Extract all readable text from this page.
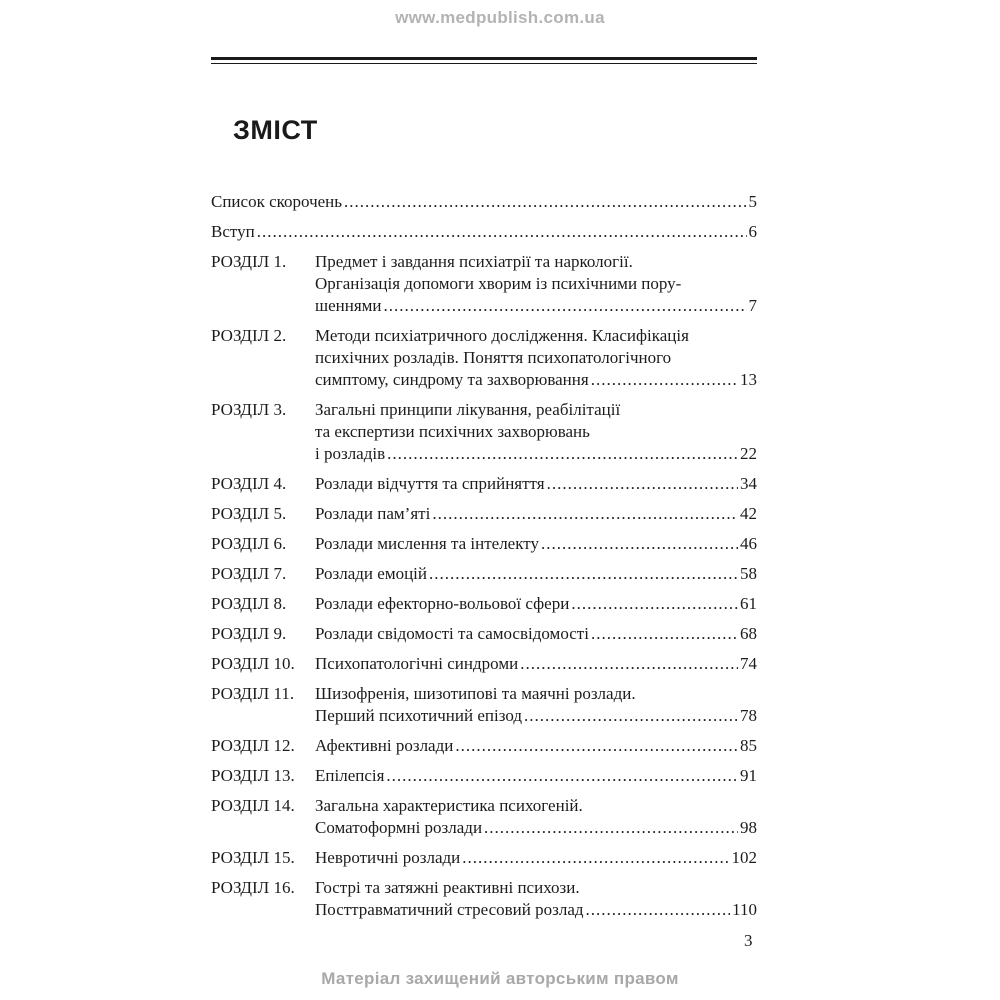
www.medpublish.com.ua
ЗМІСТ
Список скорочень .....	5
Вступ .....	6
РОЗДІЛ 1. Предмет і завдання психіатрії та наркології.
Організація допомоги хворим із психічними пору-
шеннями .....	7
РОЗДІЛ 2. Методи психіатричного дослідження. Класифікація
психічних розладів. Поняття психопатологічного
симптому, синдрому та захворювання .....	13
РОЗДІЛ 3. Загальні принципи лікування, реабілітації
та експертизи психічних захворювань
і розладів .....	22
РОЗДІЛ 4. Розлади відчуття та сприйняття .....	34
РОЗДІЛ 5. Розлади пам’яті .....	42
РОЗДІЛ 6. Розлади мислення та інтелекту .....	46
РОЗДІЛ 7. Розлади емоцій .....	58
РОЗДІЛ 8. Розлади ефекторно-вольової сфери .....	61
РОЗДІЛ 9. Розлади свідомості та самосвідомості .....	68
РОЗДІЛ 10. Психопатологічні синдроми .....	74
РОЗДІЛ 11. Шизофренія, шизотипові та маячні розлади.
Перший психотичний епізод .....	78
РОЗДІЛ 12. Афективні розлади .....	85
РОЗДІЛ 13. Епілепсія .....	91
РОЗДІЛ 14. Загальна характеристика психогеній.
Соматоформні розлади .....	98
РОЗДІЛ 15. Невротичні розлади .....	102
РОЗДІЛ 16. Гострі та затяжні реактивні психози.
Посттравматичний стресовий розлад .....	110
3
Матеріал захищений авторським правом
